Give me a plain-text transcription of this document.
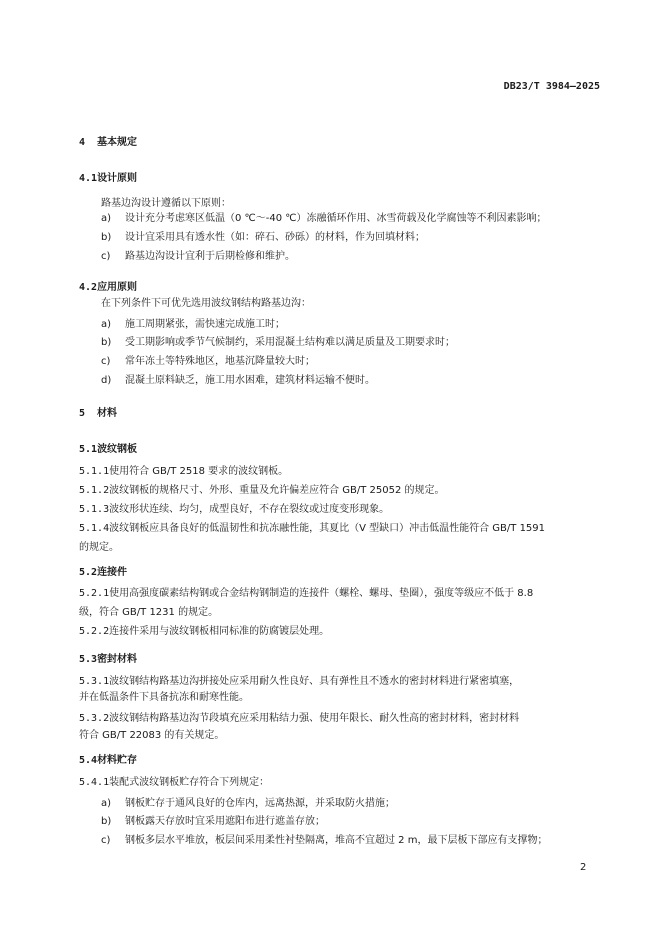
DB23/T 3984—2025
4 基本规定
4.1设计原则
路基边沟设计遵循以下原则：
a) 设计充分考虑寒区低温（0 ℃～-40 ℃）冻融循环作用、冰雪荷载及化学腐蚀等不利因素影响；
b) 设计宜采用具有透水性（如：碎石、砂砾）的材料，作为回填材料；
c) 路基边沟设计宜利于后期检修和维护。
4.2应用原则
在下列条件下可优先选用波纹钢结构路基边沟：
a) 施工周期紧张，需快速完成施工时；
b) 受工期影响或季节气候制约，采用混凝土结构难以满足质量及工期要求时；
c) 常年冻土等特殊地区，地基沉降量较大时；
d) 混凝土原料缺乏，施工用水困难，建筑材料运输不便时。
5 材料
5.1波纹钢板
5.1.1使用符合 GB/T 2518 要求的波纹钢板。
5.1.2波纹钢板的规格尺寸、外形、重量及允许偏差应符合 GB/T 25052 的规定。
5.1.3波纹形状连续、均匀，成型良好，不存在裂纹或过度变形现象。
5.1.4波纹钢板应具备良好的低温韧性和抗冻融性能，其夏比（V 型缺口）冲击低温性能符合 GB/T 1591
的规定。
5.2连接件
5.2.1使用高强度碳素结构钢或合金结构钢制造的连接件（螺栓、螺母、垫圈），强度等级应不低于 8.8
级，符合 GB/T 1231 的规定。
5.2.2连接件采用与波纹钢板相同标准的防腐镀层处理。
5.3密封材料
5.3.1波纹钢结构路基边沟拼接处应采用耐久性良好、具有弹性且不透水的密封材料进行紧密填塞，
并在低温条件下具备抗冻和耐寒性能。
5.3.2波纹钢结构路基边沟节段填充应采用粘结力强、使用年限长、耐久性高的密封材料，密封材料
符合 GB/T 22083 的有关规定。
5.4材料贮存
5.4.1装配式波纹钢板贮存符合下列规定：
a) 钢板贮存于通风良好的仓库内，远离热源，并采取防火措施；
b) 钢板露天存放时宜采用遮阳布进行遮盖存放；
c) 钢板多层水平堆放，板层间采用柔性衬垫隔离，堆高不宜超过 2 m，最下层板下部应有支撑物；
2
